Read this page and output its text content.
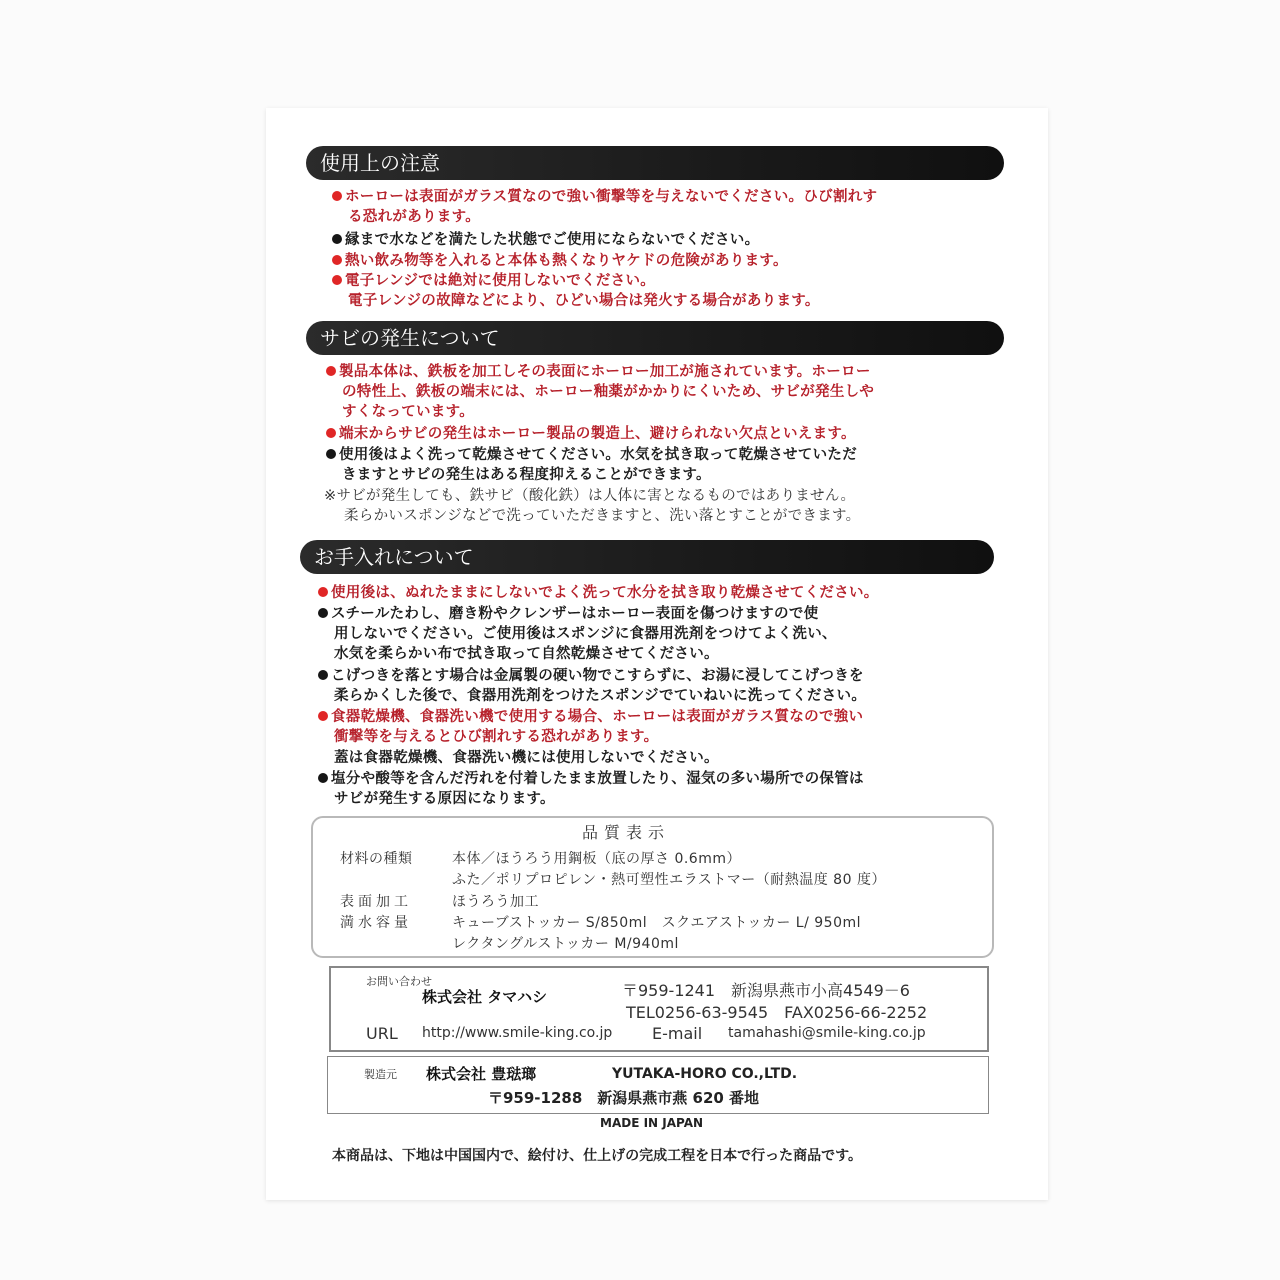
使用上の注意
ホーローは表面がガラス質なので強い衝撃等を与えないでください。ひび割れす
る恐れがあります。
縁まで水などを満たした状態でご使用にならないでください。
熱い飲み物等を入れると本体も熱くなりヤケドの危険があります。
電子レンジでは絶対に使用しないでください。
電子レンジの故障などにより、ひどい場合は発火する場合があります。
サビの発生について
製品本体は、鉄板を加工しその表面にホーロー加工が施されています。ホーロー
の特性上、鉄板の端末には、ホーロー釉薬がかかりにくいため、サビが発生しや
すくなっています。
端末からサビの発生はホーロー製品の製造上、避けられない欠点といえます。
使用後はよく洗って乾燥させてください。水気を拭き取って乾燥させていただ
きますとサビの発生はある程度抑えることができます。
※サビが発生しても、鉄サビ（酸化鉄）は人体に害となるものではありません。
柔らかいスポンジなどで洗っていただきますと、洗い落とすことができます。
お手入れについて
使用後は、ぬれたままにしないでよく洗って水分を拭き取り乾燥させてください。
スチールたわし、磨き粉やクレンザーはホーロー表面を傷つけますので使
用しないでください。ご使用後はスポンジに食器用洗剤をつけてよく洗い、
水気を柔らかい布で拭き取って自然乾燥させてください。
こげつきを落とす場合は金属製の硬い物でこすらずに、お湯に浸してこげつきを
柔らかくした後で、食器用洗剤をつけたスポンジでていねいに洗ってください。
食器乾燥機、食器洗い機で使用する場合、ホーローは表面がガラス質なので強い
衝撃等を与えるとひび割れする恐れがあります。
蓋は食器乾燥機、食器洗い機には使用しないでください。
塩分や酸等を含んだ汚れを付着したまま放置したり、湿気の多い場所での保管は
サビが発生する原因になります。
品質表示
材料の種類	本体／ほうろう用鋼板（底の厚さ 0.6mm）
ふた／ポリプロピレン・熱可塑性エラストマー（耐熱温度 80 度）
表面加工	ほうろう加工
満水容量	キューブストッカー S/850ml　スクエアストッカー L/ 950ml
レクタングルストッカー M/940ml
お問い合わせ
株式会社 タマハシ	〒959-1241　新潟県燕市小高4549－6
TEL0256-63-9545　FAX0256-66-2252
URL http://www.smile-king.co.jp E-mail tamahashi@smile-king.co.jp
製造元 株式会社 豊琺瑯	YUTAKA-HORO CO.,LTD.
〒959-1288　新潟県燕市燕 620 番地
MADE IN JAPAN
本商品は、下地は中国国内で、絵付け、仕上げの完成工程を日本で行った商品です。
